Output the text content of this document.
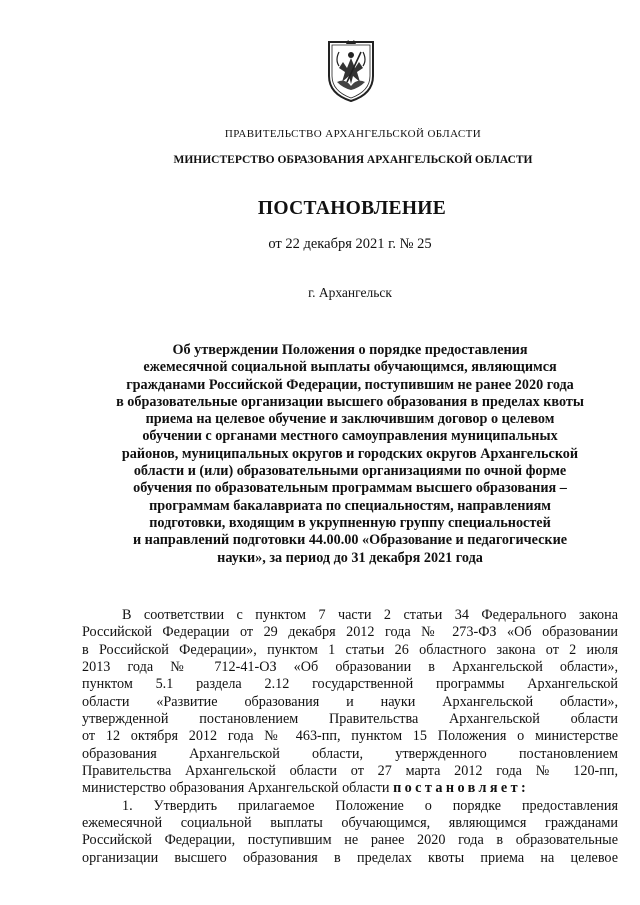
ПРАВИТЕЛЬСТВО АРХАНГЕЛЬСКОЙ ОБЛАСТИ
МИНИСТЕРСТВО ОБРАЗОВАНИЯ АРХАНГЕЛЬСКОЙ ОБЛАСТИ
ПОСТАНОВЛЕНИЕ
от 22 декабря 2021 г. № 25
г. Архангельск
Об утверждении Положения о порядке предоставления
ежемесячной социальной выплаты обучающимся, являющимся
гражданами Российской Федерации, поступившим не ранее 2020 года
в образовательные организации высшего образования в пределах квоты
приема на целевое обучение и заключившим договор о целевом
обучении с органами местного самоуправления муниципальных
районов, муниципальных округов и городских округов Архангельской
области и (или) образовательными организациями по очной форме
обучения по образовательным программам высшего образования –
программам бакалавриата по специальностям, направлениям
подготовки, входящим в укрупненную группу специальностей
и направлений подготовки 44.00.00 «Образование и педагогические
науки», за период до 31 декабря 2021 года
В соответствии с пунктом 7 части 2 статьи 34 Федерального закона
Российской Федерации от 29 декабря 2012 года № 273-ФЗ «Об образовании
в Российской Федерации», пунктом 1 статьи 26 областного закона от 2 июля
2013 года № 712-41-ОЗ «Об образовании в Архангельской области»,
пунктом 5.1 раздела 2.12 государственной программы Архангельской
области «Развитие образования и науки Архангельской области»,
утвержденной постановлением Правительства Архангельской области
от 12 октября 2012 года № 463-пп, пунктом 15 Положения о министерстве
образования Архангельской области, утвержденного постановлением
Правительства Архангельской области от 27 марта 2012 года № 120-пп,
министерство образования Архангельской области постановляет:
1. Утвердить прилагаемое Положение о порядке предоставления
ежемесячной социальной выплаты обучающимся, являющимся гражданами
Российской Федерации, поступившим не ранее 2020 года в образовательные
организации высшего образования в пределах квоты приема на целевое
